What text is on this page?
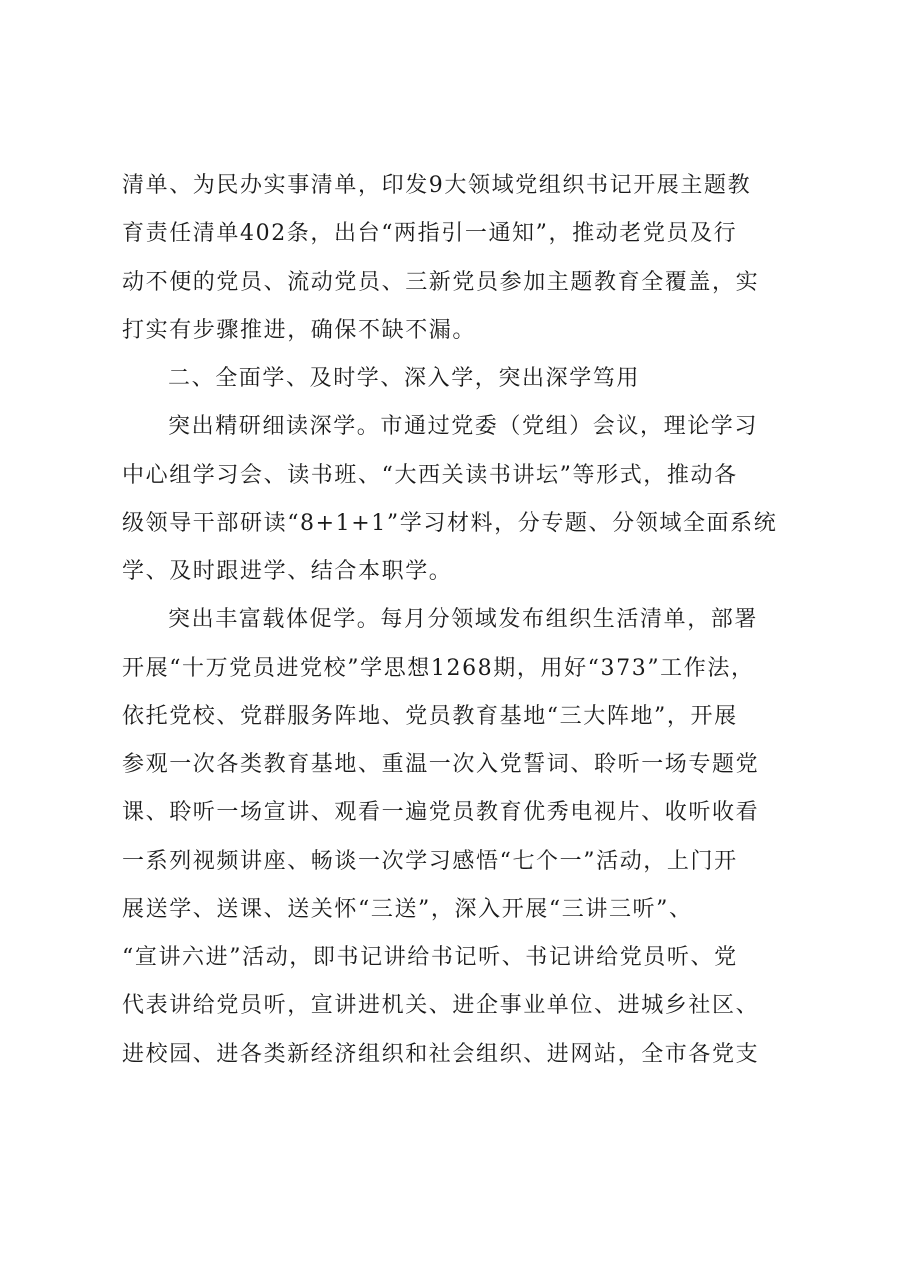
清单、为民办实事清单，印发9大领域党组织书记开展主题教
育责任清单402条，出台“两指引一通知”，推动老党员及行
动不便的党员、流动党员、三新党员参加主题教育全覆盖，实
打实有步骤推进，确保不缺不漏。
二、全面学、及时学、深入学，突出深学笃用
突出精研细读深学。市通过党委（党组）会议，理论学习
中心组学习会、读书班、“大西关读书讲坛”等形式，推动各
级领导干部研读“8+1+1”学习材料，分专题、分领域全面系统
学、及时跟进学、结合本职学。
突出丰富载体促学。每月分领域发布组织生活清单，部署
开展“十万党员进党校”学思想1268期，用好“373”工作法，
依托党校、党群服务阵地、党员教育基地“三大阵地”，开展
参观一次各类教育基地、重温一次入党誓词、聆听一场专题党
课、聆听一场宣讲、观看一遍党员教育优秀电视片、收听收看
一系列视频讲座、畅谈一次学习感悟“七个一”活动，上门开
展送学、送课、送关怀“三送”，深入开展“三讲三听”、
“宣讲六进”活动，即书记讲给书记听、书记讲给党员听、党
代表讲给党员听，宣讲进机关、进企事业单位、进城乡社区、
进校园、进各类新经济组织和社会组织、进网站，全市各党支
